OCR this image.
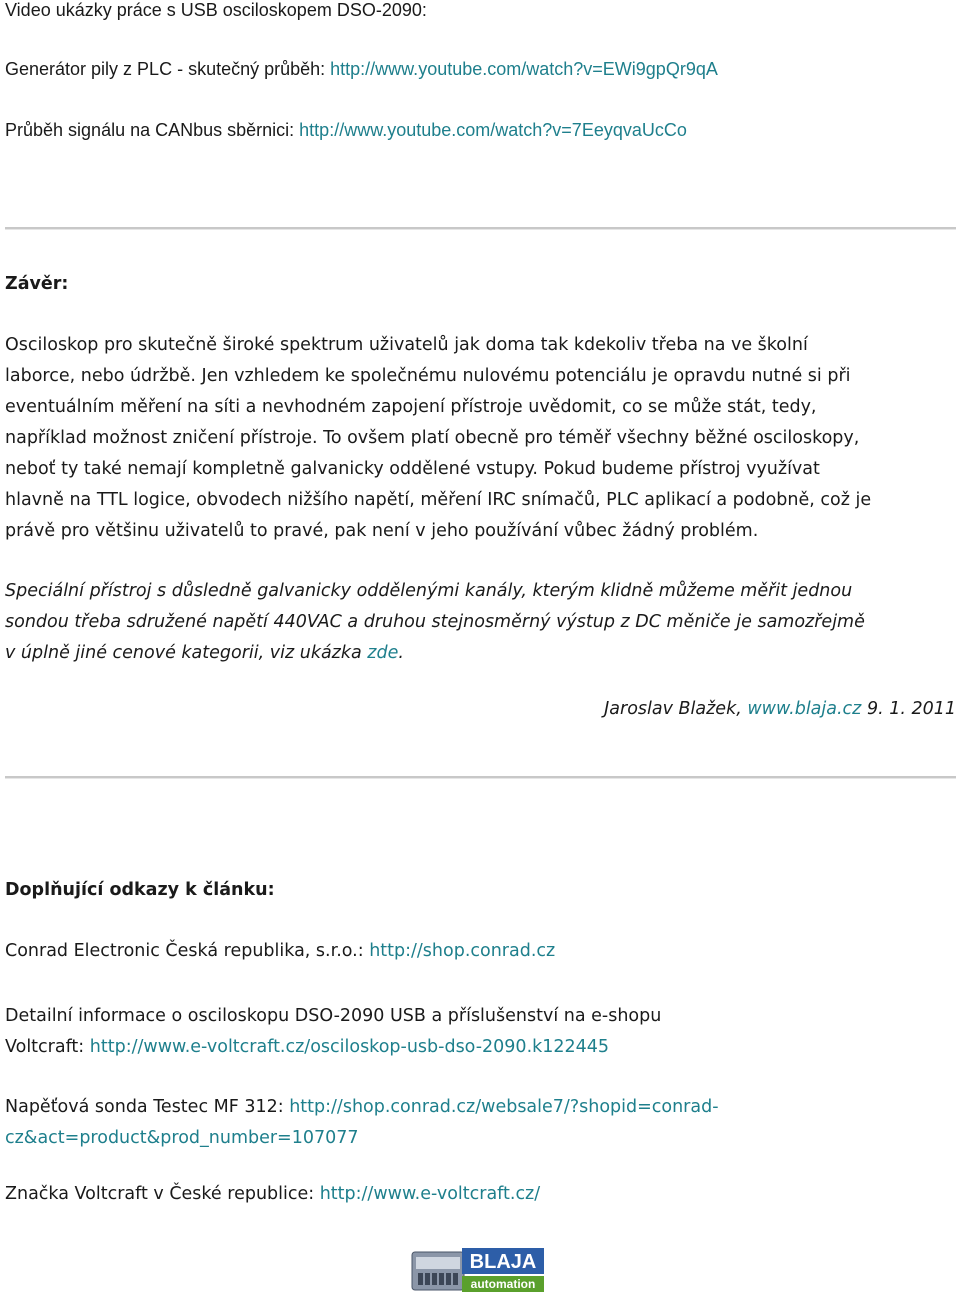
Video ukázky práce s USB osciloskopem DSO-2090:
Generátor pily z PLC - skutečný průběh: http://www.youtube.com/watch?v=EWi9gpQr9qA
Průběh signálu na CANbus sběrnici: http://www.youtube.com/watch?v=7EeyqvaUcCo
Závěr:
Osciloskop pro skutečně široké spektrum uživatelů jak doma tak kdekoliv třeba na ve školní
laborce, nebo údržbě. Jen vzhledem ke společnému nulovému potenciálu je opravdu nutné si při
eventuálním měření na síti a nevhodném zapojení přístroje uvědomit, co se může stát, tedy,
například možnost zničení přístroje. To ovšem platí obecně pro téměř všechny běžné osciloskopy,
neboť ty také nemají kompletně galvanicky oddělené vstupy. Pokud budeme přístroj využívat
hlavně na TTL logice, obvodech nižšího napětí, měření IRC snímačů, PLC aplikací a podobně, což je
právě pro většinu uživatelů to pravé, pak není v jeho používání vůbec žádný problém.
Speciální přístroj s důsledně galvanicky oddělenými kanály, kterým klidně můžeme měřit jednou
sondou třeba sdružené napětí 440VAC a druhou stejnosměrný výstup z DC měniče je samozřejmě
v úplně jiné cenové kategorii, viz ukázka zde.
Jaroslav Blažek, www.blaja.cz 9. 1. 2011
Doplňující odkazy k článku:
Conrad Electronic Česká republika, s.r.o.: http://shop.conrad.cz
Detailní informace o osciloskopu DSO-2090 USB a příslušenství na e-shopu
Voltcraft: http://www.e-voltcraft.cz/osciloskop-usb-dso-2090.k122445
Napěťová sonda Testec MF 312: http://shop.conrad.cz/websale7/?shopid=conrad-
cz&act=product&prod_number=107077
Značka Voltcraft v České republice: http://www.e-voltcraft.cz/
BLAJA
automation
